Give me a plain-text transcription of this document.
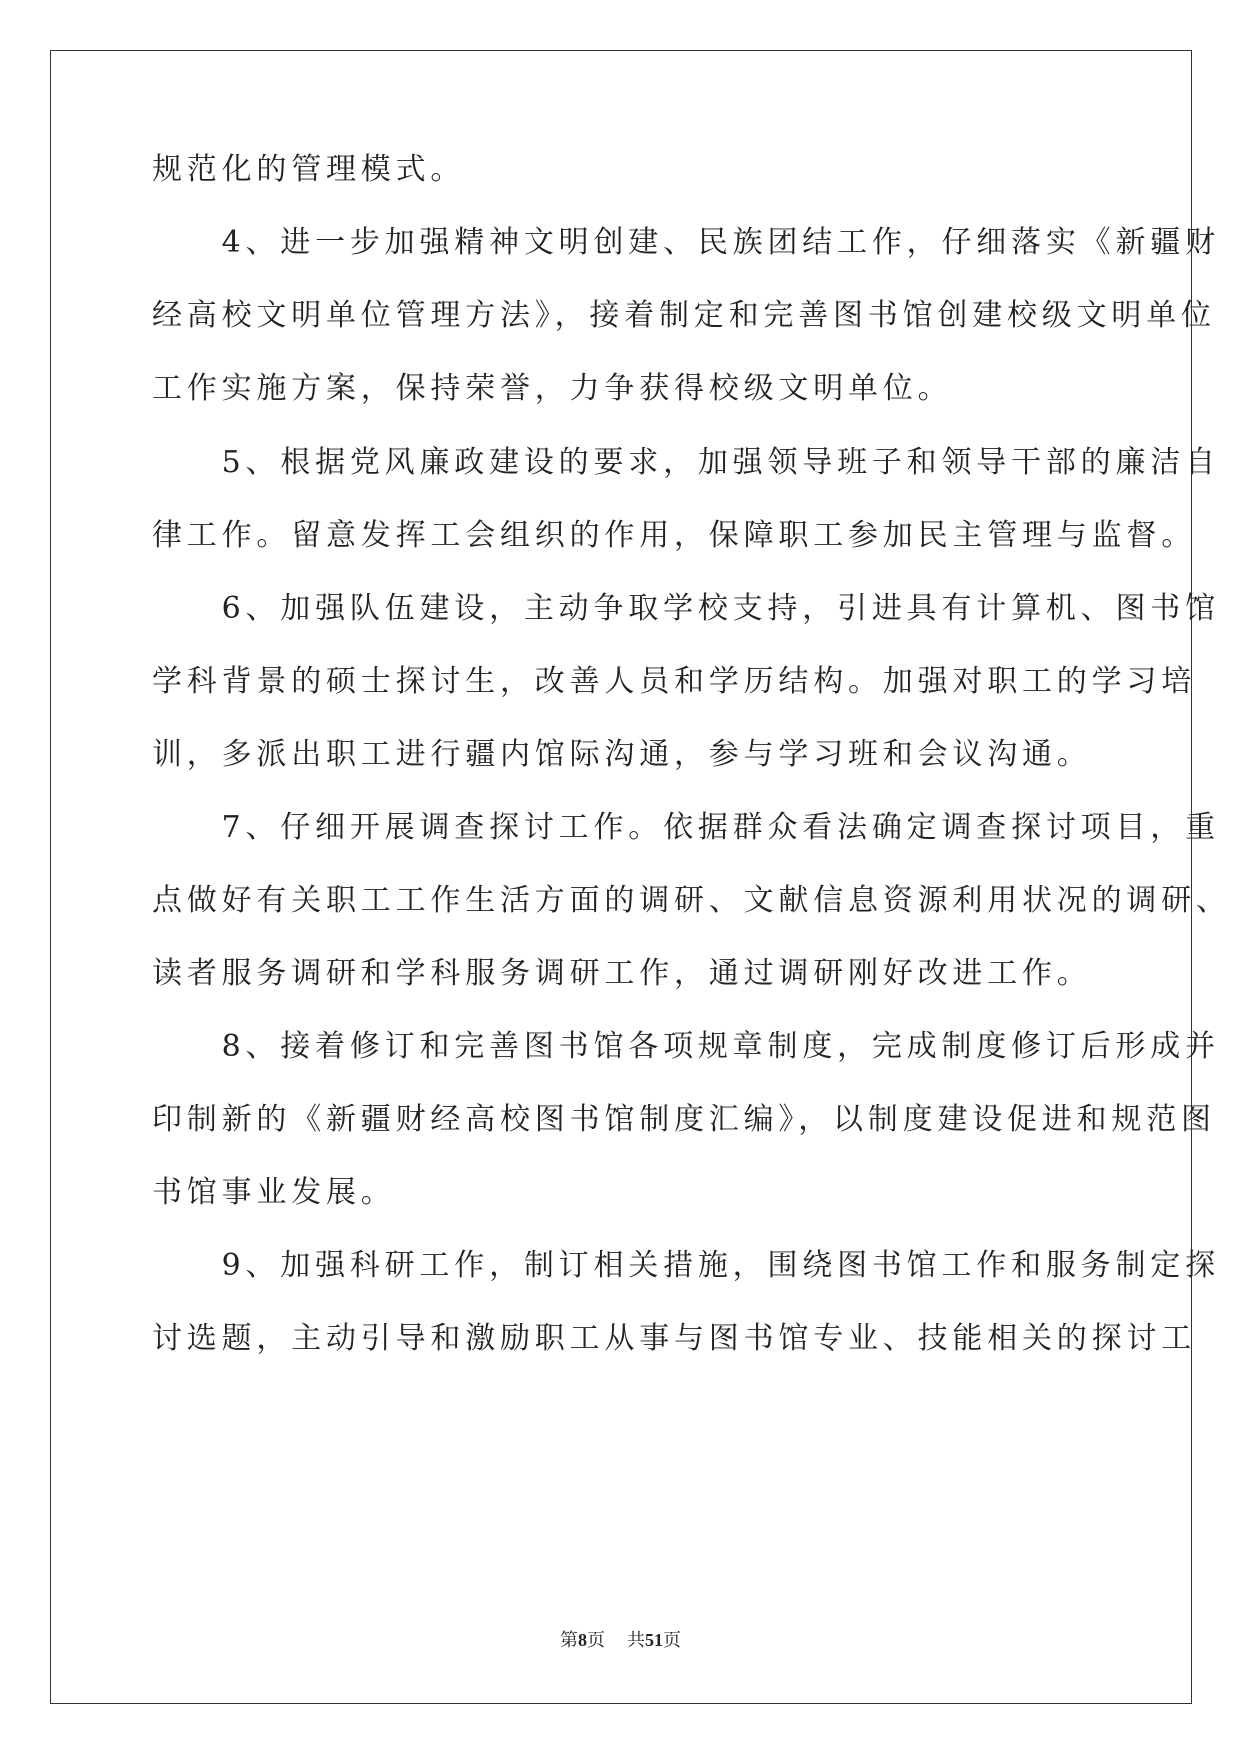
规范化的管理模式。
　　4、进一步加强精神文明创建、民族团结工作，仔细落实《新疆财
经高校文明单位管理方法》，接着制定和完善图书馆创建校级文明单位
工作实施方案，保持荣誉，力争获得校级文明单位。
　　5、根据党风廉政建设的要求，加强领导班子和领导干部的廉洁自
律工作。留意发挥工会组织的作用，保障职工参加民主管理与监督。
　　6、加强队伍建设，主动争取学校支持，引进具有计算机、图书馆
学科背景的硕士探讨生，改善人员和学历结构。加强对职工的学习培
训，多派出职工进行疆内馆际沟通，参与学习班和会议沟通。
　　7、仔细开展调查探讨工作。依据群众看法确定调查探讨项目，重
点做好有关职工工作生活方面的调研、文献信息资源利用状况的调研、
读者服务调研和学科服务调研工作，通过调研刚好改进工作。
　　8、接着修订和完善图书馆各项规章制度，完成制度修订后形成并
印制新的《新疆财经高校图书馆制度汇编》，以制度建设促进和规范图
书馆事业发展。
　　9、加强科研工作，制订相关措施，围绕图书馆工作和服务制定探
讨选题，主动引导和激励职工从事与图书馆专业、技能相关的探讨工
第8页 共51页
